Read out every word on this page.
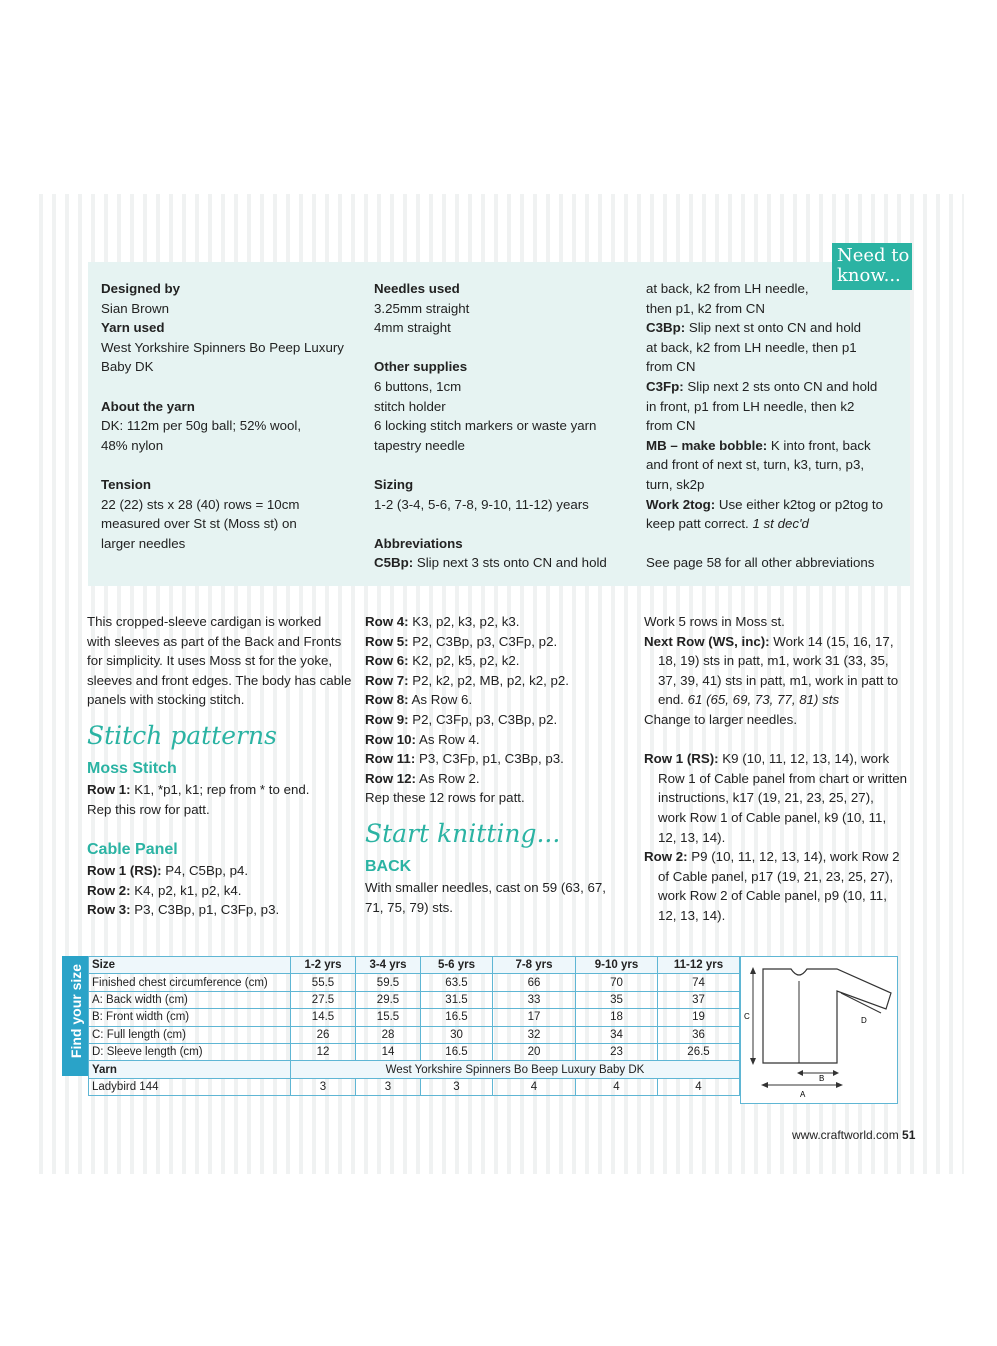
Need to know...

Designed by

Sian Brown

Yarn used

West Yorkshire Spinners Bo Peep Luxury

Baby DK

About the yarn

DK: 112m per 50g ball; 52% wool,

48% nylon

Tension

22 (22) sts x 28 (40) rows = 10cm

measured over St st (Moss st) on

larger needles

Needles used

3.25mm straight

4mm straight

Other supplies

6 buttons, 1cm

stitch holder

6 locking stitch markers or waste yarn

tapestry needle

Sizing

1-2 (3-4, 5-6, 7-8, 9-10, 11-12) years

Abbreviations

C5Bp: Slip next 3 sts onto CN and hold

at back, k2 from LH needle,

then p1, k2 from CN

C3Bp: Slip next st onto CN and hold

at back, k2 from LH needle, then p1

from CN

C3Fp: Slip next 2 sts onto CN and hold

in front, p1 from LH needle, then k2

from CN

MB – make bobble: K into front, back

and front of next st, turn, k3, turn, p3,

turn, sk2p

Work 2tog: Use either k2tog or p2tog to

keep patt correct. 1 st dec'd

See page 58 for all other abbreviations

This cropped-sleeve cardigan is worked

with sleeves as part of the Back and Fronts

for simplicity. It uses Moss st for the yoke,

sleeves and front edges. The body has cable

panels with stocking stitch.

Stitch patterns
Moss Stitch

Row 1: K1, *p1, k1; rep from * to end.

Rep this row for patt.

Cable Panel

Row 1 (RS): P4, C5Bp, p4.

Row 2: K4, p2, k1, p2, k4.

Row 3: P3, C3Bp, p1, C3Fp, p3.

Row 4: K3, p2, k3, p2, k3.

Row 5: P2, C3Bp, p3, C3Fp, p2.

Row 6: K2, p2, k5, p2, k2.

Row 7: P2, k2, p2, MB, p2, k2, p2.

Row 8: As Row 6.

Row 9: P2, C3Fp, p3, C3Bp, p2.

Row 10: As Row 4.

Row 11: P3, C3Fp, p1, C3Bp, p3.

Row 12: As Row 2.

Rep these 12 rows for patt.

Start knitting...
BACK

With smaller needles, cast on 59 (63, 67,

71, 75, 79) sts.

Work 5 rows in Moss st.

Next Row (WS, inc): Work 14 (15, 16, 17,

18, 19) sts in patt, m1, work 31 (33, 35,

37, 39, 41) sts in patt, m1, work in patt to

end. 61 (65, 69, 73, 77, 81) sts

Change to larger needles.

Row 1 (RS): K9 (10, 11, 12, 13, 14), work

Row 1 of Cable panel from chart or written

instructions, k17 (19, 21, 23, 25, 27),

work Row 1 of Cable panel, k9 (10, 11,

12, 13, 14).

Row 2: P9 (10, 11, 12, 13, 14), work Row 2

of Cable panel, p17 (19, 21, 23, 25, 27),

work Row 2 of Cable panel, p9 (10, 11,

12, 13, 14).

Find your size Size	1-2 yrs	3-4 yrs	5-6 yrs	7-8 yrs	9-10 yrs	11-12 yrs
Finished chest circumference (cm)	55.5	59.5	63.5	66	70	74
A: Back width (cm)	27.5	29.5	31.5	33	35	37
B: Front width (cm)	14.5	15.5	16.5	17	18	19
C: Full length (cm)	26	28	30	32	34	36
D: Sleeve length (cm)	12	14	16.5	20	23	26.5
Yarn	West Yorkshire Spinners Bo Beep Luxury Baby DK					
Ladybird 144	3	3	3	4	4	4
C
A
B
D
www.craftworld.com 51
